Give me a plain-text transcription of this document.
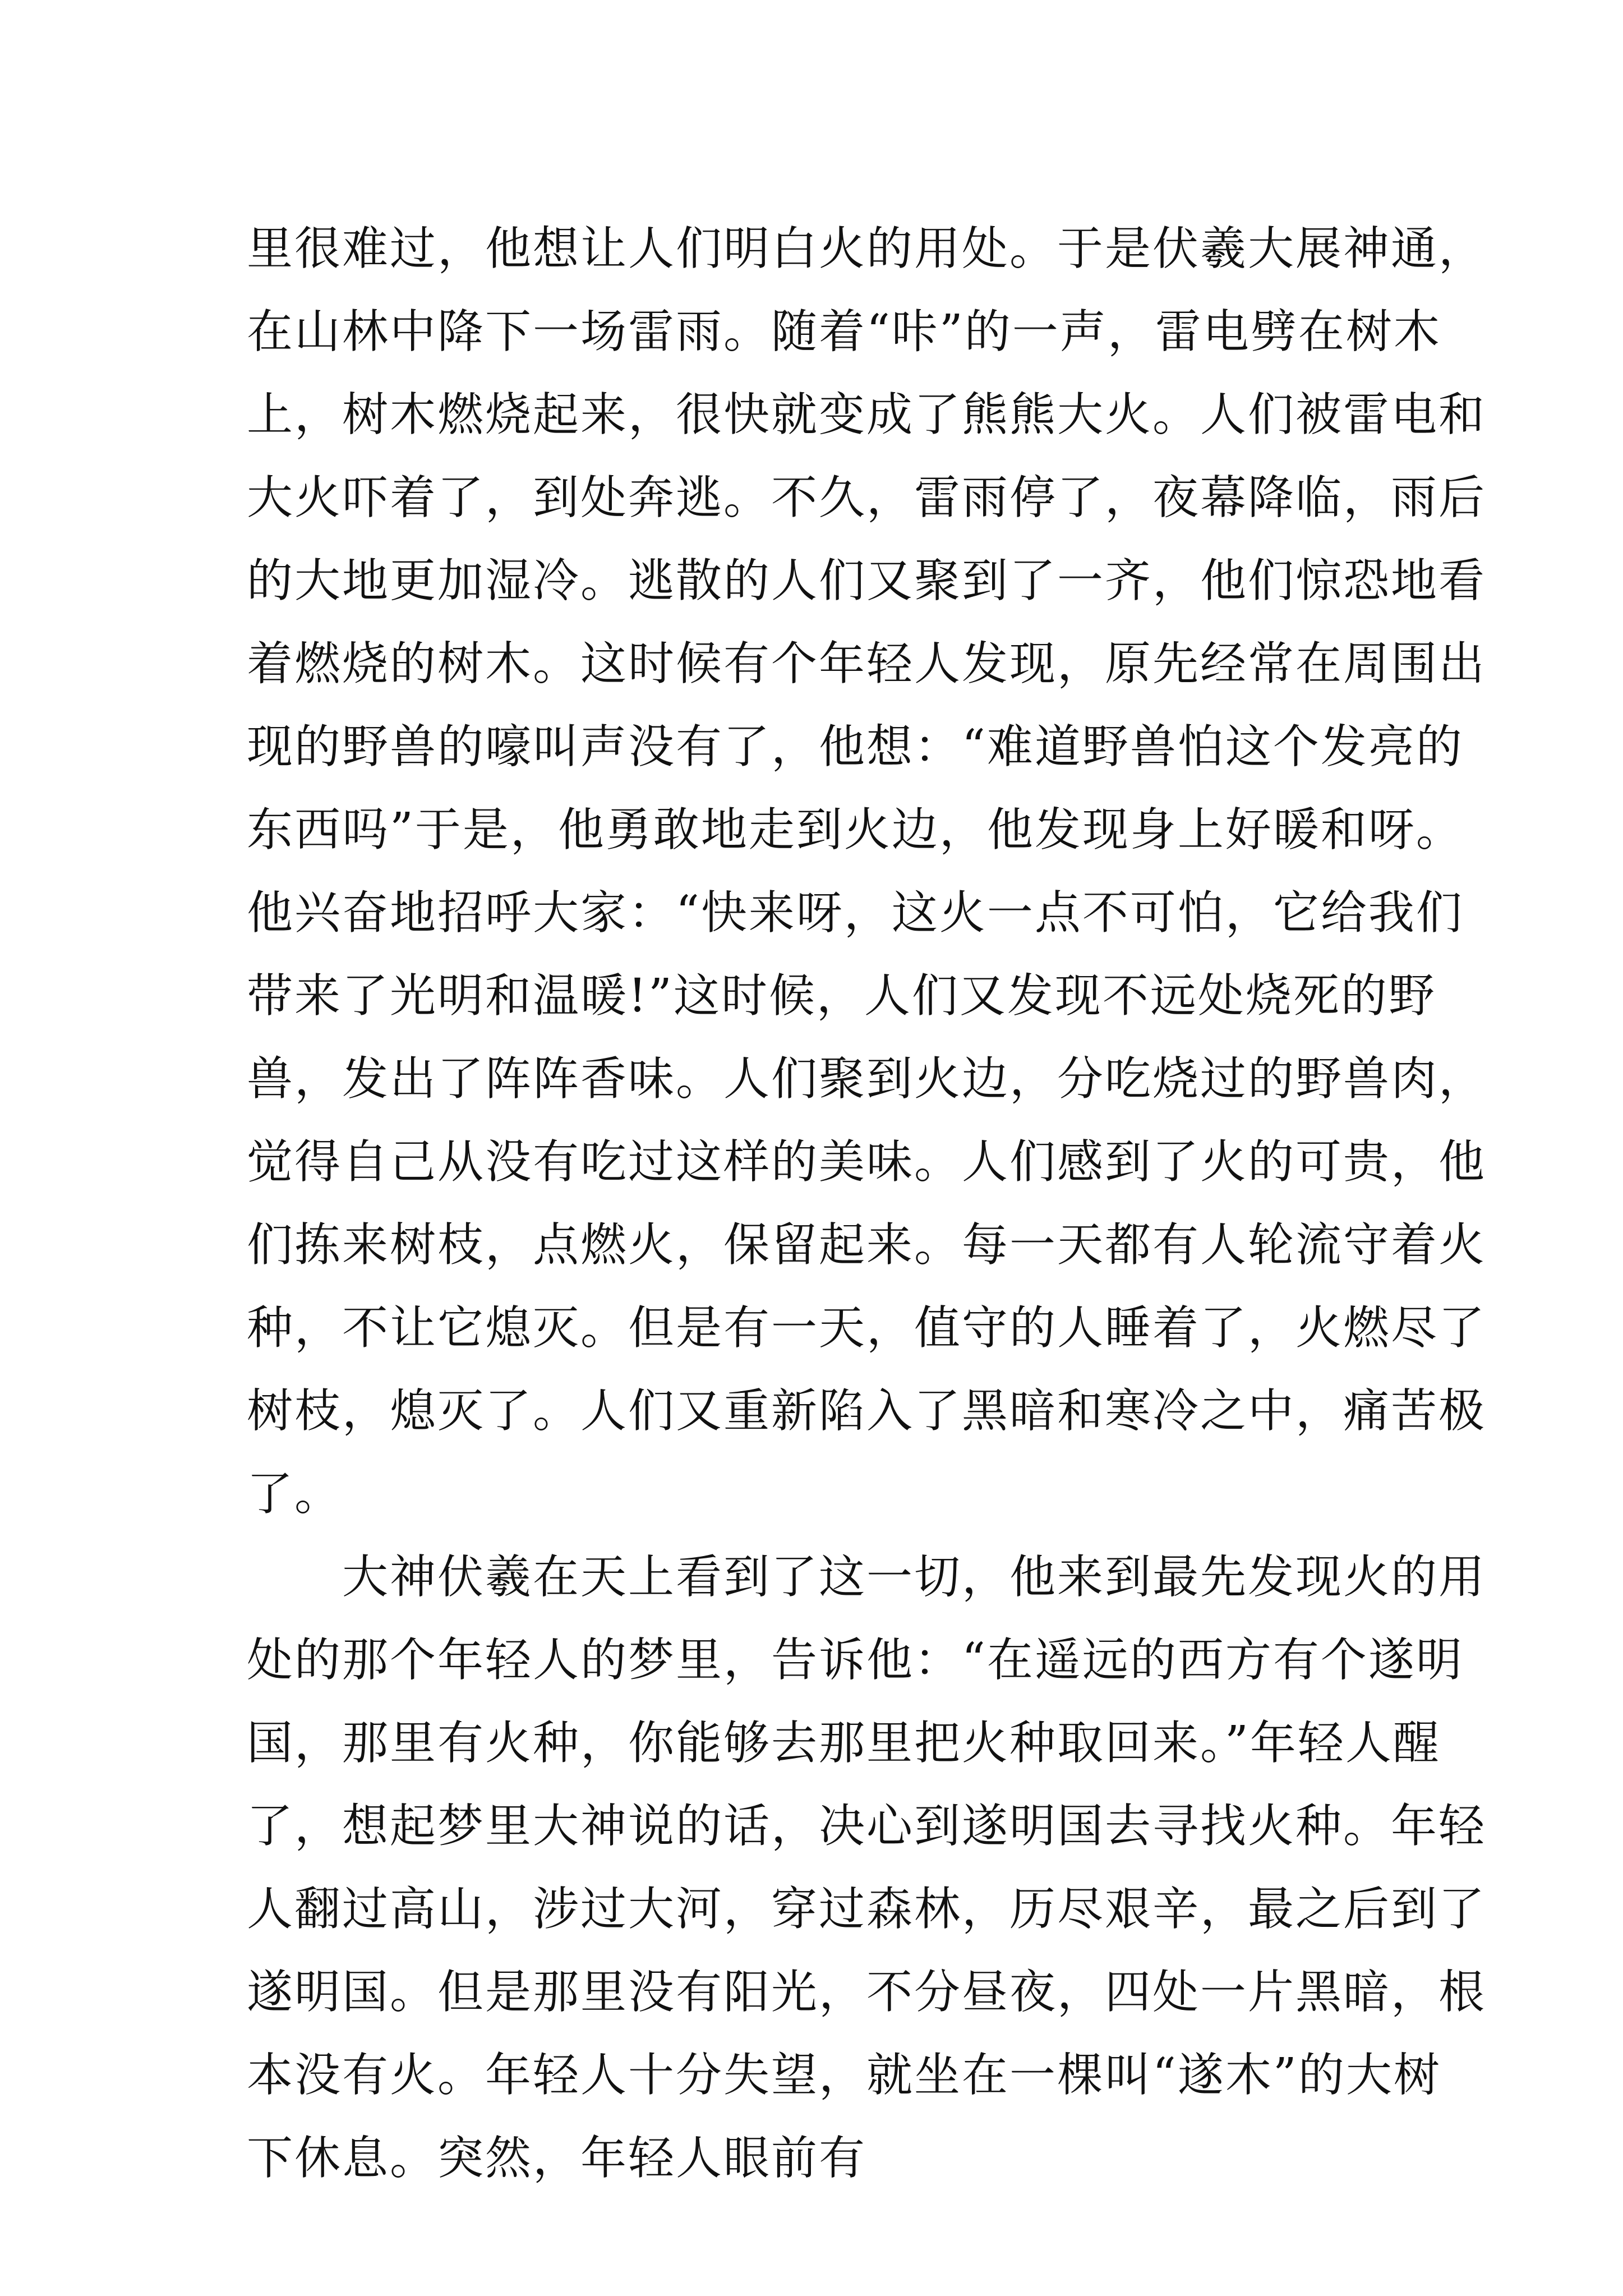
里很难过，他想让人们明白火的用处。于是伏羲大展神通，
在山林中降下一场雷雨。随着“咔”的一声，雷电劈在树木
上，树木燃烧起来，很快就变成了熊熊大火。人们被雷电和
大火吓着了，到处奔逃。不久，雷雨停了，夜幕降临，雨后
的大地更加湿冷。逃散的人们又聚到了一齐，他们惊恐地看
着燃烧的树木。这时候有个年轻人发现，原先经常在周围出
现的野兽的嚎叫声没有了，他想：“难道野兽怕这个发亮的
东西吗”于是，他勇敢地走到火边，他发现身上好暖和呀。
他兴奋地招呼大家：“快来呀，这火一点不可怕，它给我们
带来了光明和温暖!”这时候，人们又发现不远处烧死的野
兽，发出了阵阵香味。人们聚到火边，分吃烧过的野兽肉，
觉得自己从没有吃过这样的美味。人们感到了火的可贵，他
们拣来树枝，点燃火，保留起来。每一天都有人轮流守着火
种，不让它熄灭。但是有一天，值守的人睡着了，火燃尽了
树枝，熄灭了。人们又重新陷入了黑暗和寒冷之中，痛苦极
了。
大神伏羲在天上看到了这一切，他来到最先发现火的用
处的那个年轻人的梦里，告诉他：“在遥远的西方有个遂明
国，那里有火种，你能够去那里把火种取回来。”年轻人醒
了，想起梦里大神说的话，决心到遂明国去寻找火种。年轻
人翻过高山，涉过大河，穿过森林，历尽艰辛，最之后到了
遂明国。但是那里没有阳光，不分昼夜，四处一片黑暗，根
本没有火。年轻人十分失望，就坐在一棵叫“遂木”的大树
下休息。突然，年轻人眼前有
